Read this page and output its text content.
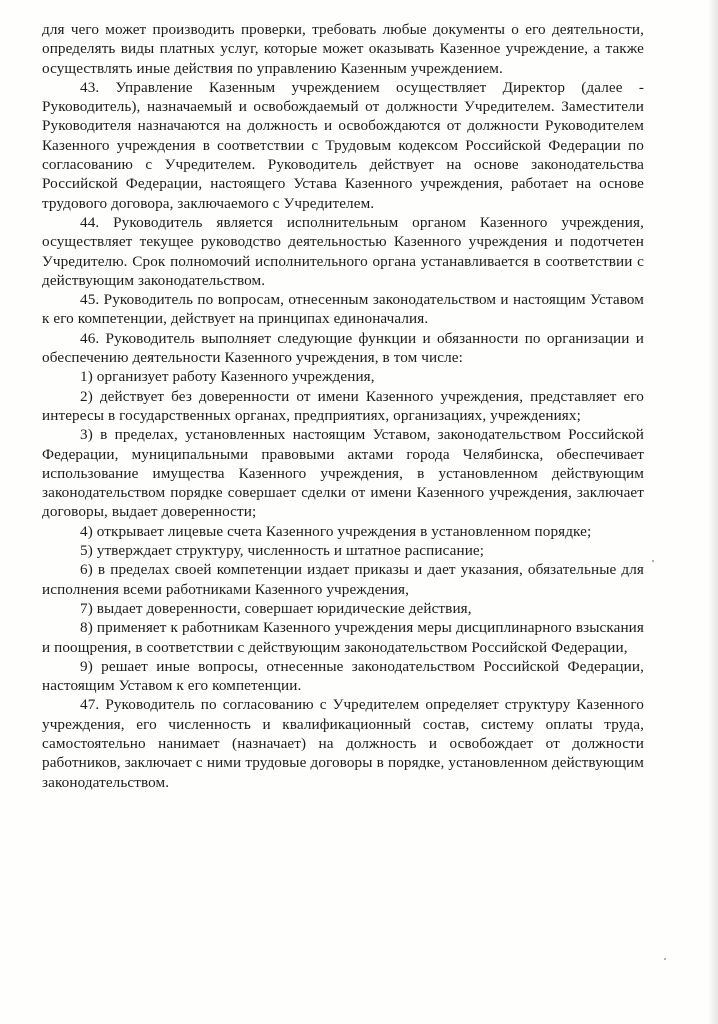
для чего может производить проверки, требовать любые документы о его деятельности, определять виды платных услуг, которые может оказывать Казенное учреждение, а также осуществлять иные действия по управлению Казенным учреждением.

43. Управление Казенным учреждением осуществляет Директор (далее - Руководитель), назначаемый и освобождаемый от должности Учредителем. Заместители Руководителя назначаются на должность и освобождаются от должности Руководителем Казенного учреждения в соответствии с Трудовым кодексом Российской Федерации по согласованию с Учредителем. Руководитель действует на основе законодательства Российской Федерации, настоящего Устава Казенного учреждения, работает на основе трудового договора, заключаемого с Учредителем.

44. Руководитель является исполнительным органом Казенного учреждения, осуществляет текущее руководство деятельностью Казенного учреждения и подотчетен Учредителю. Срок полномочий исполнительного органа устанавливается в соответствии с действующим законодательством.

45. Руководитель по вопросам, отнесенным законодательством и настоящим Уставом к его компетенции, действует на принципах единоначалия.

46. Руководитель выполняет следующие функции и обязанности по организации и обеспечению деятельности Казенного учреждения, в том числе:

1) организует работу Казенного учреждения,

2) действует без доверенности от имени Казенного учреждения, представляет его интересы в государственных органах, предприятиях, организациях, учреждениях;

3) в пределах, установленных настоящим Уставом, законодательством Российской Федерации, муниципальными правовыми актами города Челябинска, обеспечивает использование имущества Казенного учреждения, в установленном действующим законодательством порядке совершает сделки от имени Казенного учреждения, заключает договоры, выдает доверенности;

4) открывает лицевые счета Казенного учреждения в установленном порядке;

5) утверждает структуру, численность и штатное расписание;

6) в пределах своей компетенции издает приказы и дает указания, обязательные для исполнения всеми работниками Казенного учреждения,

7) выдает доверенности, совершает юридические действия,

8) применяет к работникам Казенного учреждения меры дисциплинарного взыскания и поощрения, в соответствии с действующим законодательством Российской Федерации,

9) решает иные вопросы, отнесенные законодательством Российской Федерации, настоящим Уставом к его компетенции.

47. Руководитель по согласованию с Учредителем определяет структуру Казенного учреждения, его численность и квалификационный состав, систему оплаты труда, самостоятельно нанимает (назначает) на должность и освобождает от должности работников, заключает с ними трудовые договоры в порядке, установленном действующим законодательством.
